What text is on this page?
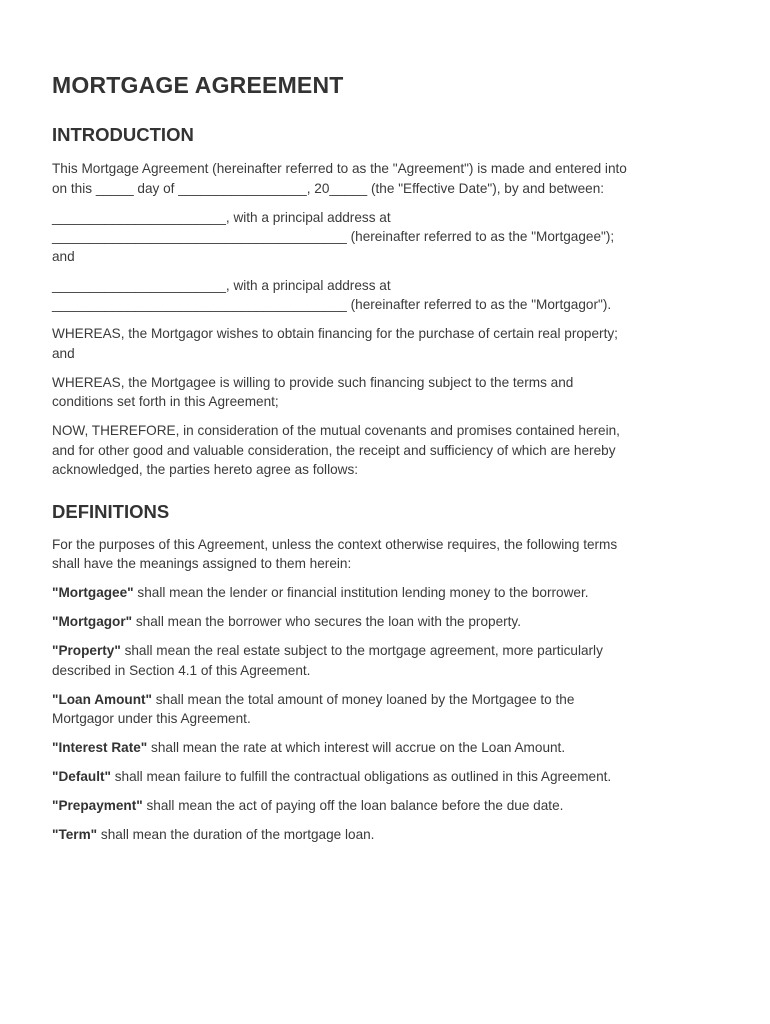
MORTGAGE AGREEMENT
INTRODUCTION

This Mortgage Agreement (hereinafter referred to as the "Agreement") is made and entered into
on this _____ day of _________________, 20_____ (the "Effective Date"), by and between:

_______________________, with a principal address at
_______________________________________ (hereinafter referred to as the "Mortgagee");
and

_______________________, with a principal address at
_______________________________________ (hereinafter referred to as the "Mortgagor").

WHEREAS, the Mortgagor wishes to obtain financing for the purchase of certain real property;
and

WHEREAS, the Mortgagee is willing to provide such financing subject to the terms and
conditions set forth in this Agreement;

NOW, THEREFORE, in consideration of the mutual covenants and promises contained herein,
and for other good and valuable consideration, the receipt and sufficiency of which are hereby
acknowledged, the parties hereto agree as follows:

DEFINITIONS

For the purposes of this Agreement, unless the context otherwise requires, the following terms
shall have the meanings assigned to them herein:

"Mortgagee" shall mean the lender or financial institution lending money to the borrower.

"Mortgagor" shall mean the borrower who secures the loan with the property.

"Property" shall mean the real estate subject to the mortgage agreement, more particularly
described in Section 4.1 of this Agreement.

"Loan Amount" shall mean the total amount of money loaned by the Mortgagee to the
Mortgagor under this Agreement.

"Interest Rate" shall mean the rate at which interest will accrue on the Loan Amount.

"Default" shall mean failure to fulfill the contractual obligations as outlined in this Agreement.

"Prepayment" shall mean the act of paying off the loan balance before the due date.

"Term" shall mean the duration of the mortgage loan.
